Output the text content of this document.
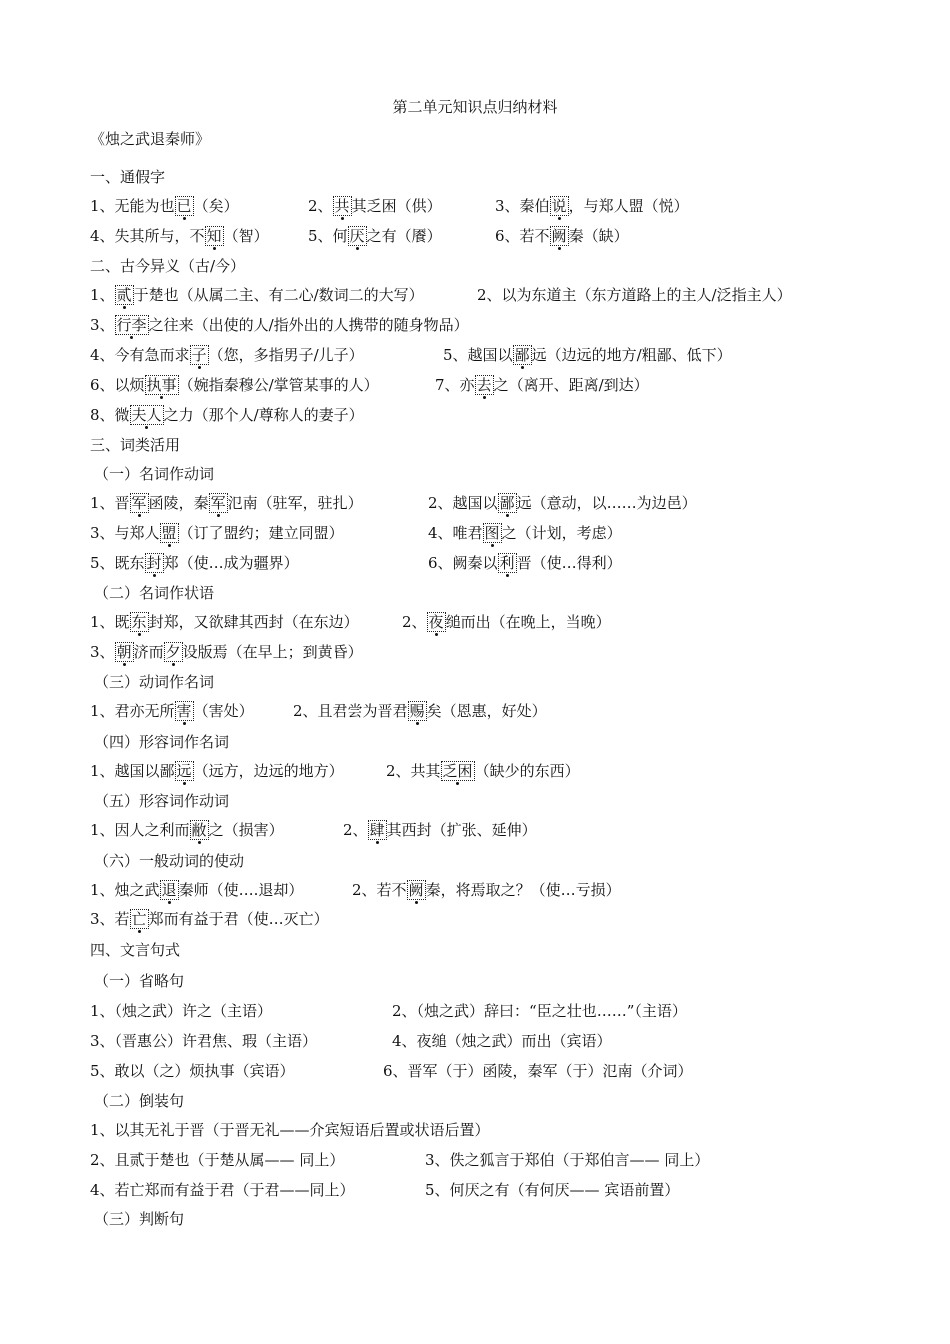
第二单元知识点归纳材料
《烛之武退秦师》
一、通假字
1、无能为也 已 （矣）	2、 共 其乏困（供）	3、秦伯 说 ，与郑人盟（悦）
4、失其所与，不 知 （智）	5、何 厌 之有（餍）	6、若不 阙 秦（缺）
二、古今异义（古/今）
1、 贰 于楚也（从属二主、有二心/数词二的大写）	2、以为东道主（东方道路上的主人/泛指主人）
3、 行李 之往来（出使的人/指外出的人携带的随身物品）
4、今有急而求 子 （您，多指男子/儿子）	5、越国以 鄙 远（边远的地方/粗鄙、低下）
6、以烦 执事 （婉指秦穆公/掌管某事的人）	7、亦 去 之（离开、距离/到达）
8、微 夫人 之力（那个人/尊称人的妻子）
三、词类活用
（一）名词作动词
1、晋 军 函陵，秦 军 氾南（驻军，驻扎）	2、越国以 鄙 远（意动，以……为边邑）
3、与郑人 盟 （订了盟约；建立同盟）	4、唯君 图 之（计划，考虑）
5、既东 封 郑（使…成为疆界）	6、阙秦以 利 晋（使…得利）
（二）名词作状语
1、既 东 封郑，又欲肆其西封（在东边）	2、 夜 缒而出（在晚上，当晚）
3、 朝 济而 夕 设版焉（在早上；到黄昏）
（三）动词作名词
1、君亦无所 害 （害处）	2、且君尝为晋君 赐 矣（恩惠，好处）
（四）形容词作名词
1、越国以鄙 远 （远方，边远的地方）	2、共其 乏困 （缺少的东西）
（五）形容词作动词
1、因人之利而 敝 之（损害）	2、 肆 其西封（扩张、延伸）
（六）一般动词的使动
1、烛之武 退 秦师（使….退却）	2、若不 阙 秦，将焉取之？（使…亏损）
3、若 亡 郑而有益于君（使…灭亡）
四、文言句式
（一）省略句
1、（烛之武）许之（主语）	2、（烛之武）辞曰：“臣之壮也……”（主语）
3、（晋惠公）许君焦、瑕（主语）	4、夜缒（烛之武）而出（宾语）
5、敢以（之）烦执事（宾语）	6、晋军（于）函陵，秦军（于）氾南（介词）
（二）倒装句
1、以其无礼于晋（于晋无礼——介宾短语后置或状语后置）
2、且贰于楚也（于楚从属—— 同上）	3、佚之狐言于郑伯（于郑伯言—— 同上）
4、若亡郑而有益于君（于君——同上）	5、何厌之有（有何厌—— 宾语前置）
（三）判断句
